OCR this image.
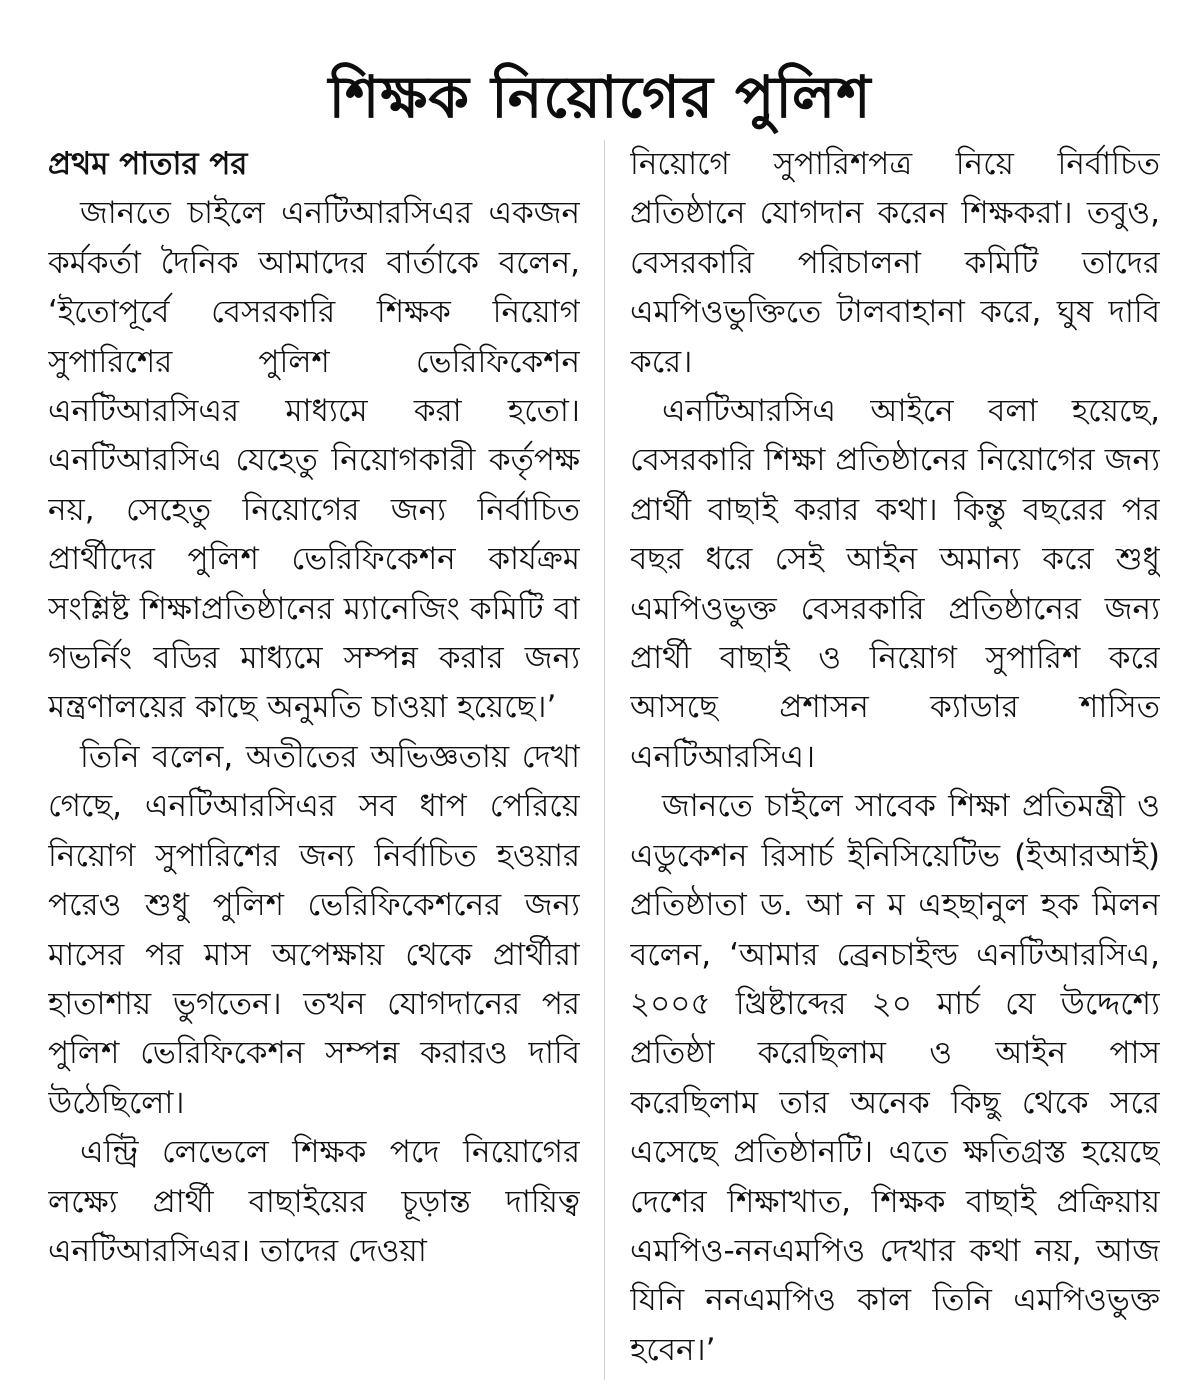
শিক্ষক নিয়োগের পুলিশ

প্রথম পাতার পর

জানতে চাইলে এনটিআরসিএর একজন কর্মকর্তা দৈনিক আমাদের বার্তাকে বলেন, ‘ইতোপূর্বে বেসরকারি শিক্ষক নিয়োগ সুপারিশের পুলিশ ভেরিফিকেশন এনটিআরসিএর মাধ্যমে করা হতো। এনটিআরসিএ যেহেতু নিয়োগকারী কর্তৃপক্ষ নয়, সেহেতু নিয়োগের জন্য নির্বাচিত প্রার্থীদের পুলিশ ভেরিফিকেশন কার্যক্রম সংশ্লিষ্ট শিক্ষাপ্রতিষ্ঠানের ম্যানেজিং কমিটি বা গভর্নিং বডির মাধ্যমে সম্পন্ন করার জন্য মন্ত্রণালয়ের কাছে অনুমতি চাওয়া হয়েছে।’

তিনি বলেন, অতীতের অভিজ্ঞতায় দেখা গেছে, এনটিআরসিএর সব ধাপ পেরিয়ে নিয়োগ সুপারিশের জন্য নির্বাচিত হওয়ার পরেও শুধু পুলিশ ভেরিফিকেশনের জন্য মাসের পর মাস অপেক্ষায় থেকে প্রার্থীরা হাতাশায় ভুগতেন। তখন যোগদানের পর পুলিশ ভেরিফিকেশন সম্পন্ন করারও দাবি উঠেছিলো।

এন্ট্রি লেভেলে শিক্ষক পদে নিয়োগের লক্ষ্যে প্রার্থী বাছাইয়ের চূড়ান্ত দায়িত্ব এনটিআরসিএর। তাদের দেওয়া

নিয়োগে সুপারিশপত্র নিয়ে নির্বাচিত প্রতিষ্ঠানে যোগদান করেন শিক্ষকরা। তবুও, বেসরকারি পরিচালনা কমিটি তাদের এমপিওভুক্তিতে টালবাহানা করে, ঘুষ দাবি করে।

এনটিআরসিএ আইনে বলা হয়েছে, বেসরকারি শিক্ষা প্রতিষ্ঠানের নিয়োগের জন্য প্রার্থী বাছাই করার কথা। কিন্তু বছরের পর বছর ধরে সেই আইন অমান্য করে শুধু এমপিওভুক্ত বেসরকারি প্রতিষ্ঠানের জন্য প্রার্থী বাছাই ও নিয়োগ সুপারিশ করে আসছে প্রশাসন ক্যাডার শাসিত এনটিআরসিএ।

জানতে চাইলে সাবেক শিক্ষা প্রতিমন্ত্রী ও এডুকেশন রিসার্চ ইনিসিয়েটিভ (ইআরআই) প্রতিষ্ঠাতা ড. আ ন ম এহছানুল হক মিলন বলেন, ‘আমার ব্রেনচাইল্ড এনটিআরসিএ, ২০০৫ খ্রিষ্টাব্দের ২০ মার্চ যে উদ্দেশ্যে প্রতিষ্ঠা করেছিলাম ও আইন পাস করেছিলাম তার অনেক কিছু থেকে সরে এসেছে প্রতিষ্ঠানটি। এতে ক্ষতিগ্রস্ত হয়েছে দেশের শিক্ষাখাত, শিক্ষক বাছাই প্রক্রিয়ায় এমপিও-ননএমপিও দেখার কথা নয়, আজ যিনি ননএমপিও কাল তিনি এমপিওভুক্ত হবেন।’
